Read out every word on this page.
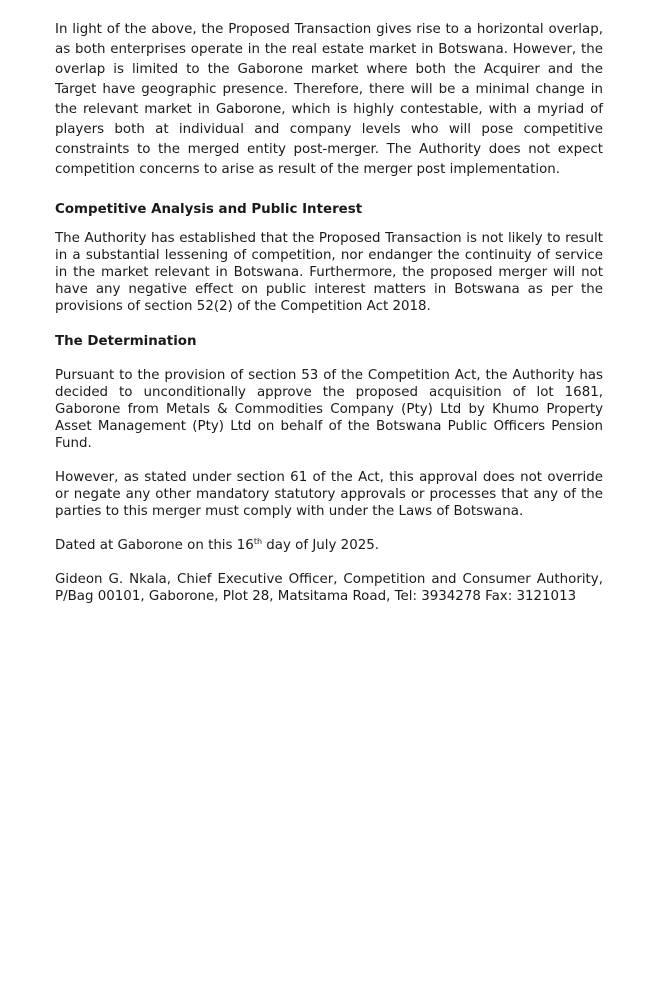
In light of the above, the Proposed Transaction gives rise to a horizontal overlap, as both enterprises operate in the real estate market in Botswana. However, the overlap is limited to the Gaborone market where both the Acquirer and the Target have geographic presence. Therefore, there will be a minimal change in the relevant market in Gaborone, which is highly contestable, with a myriad of players both at individual and company levels who will pose competitive constraints to the merged entity post-merger. The Authority does not expect competition concerns to arise as result of the merger post implementation.

Competitive Analysis and Public Interest

The Authority has established that the Proposed Transaction is not likely to result in a substantial lessening of competition, nor endanger the continuity of service in the market relevant in Botswana. Furthermore, the proposed merger will not have any negative effect on public interest matters in Botswana as per the provisions of section 52(2) of the Competition Act 2018.

The Determination

Pursuant to the provision of section 53 of the Competition Act, the Authority has decided to unconditionally approve the proposed acquisition of lot 1681, Gaborone from Metals & Commodities Company (Pty) Ltd by Khumo Property Asset Management (Pty) Ltd on behalf of the Botswana Public Officers Pension Fund.

However, as stated under section 61 of the Act, this approval does not override or negate any other mandatory statutory approvals or processes that any of the parties to this merger must comply with under the Laws of Botswana.

Dated at Gaborone on this 16th day of July 2025.

Gideon G. Nkala, Chief Executive Officer, Competition and Consumer Authority, P/Bag 00101, Gaborone, Plot 28, Matsitama Road, Tel: 3934278 Fax: 3121013
